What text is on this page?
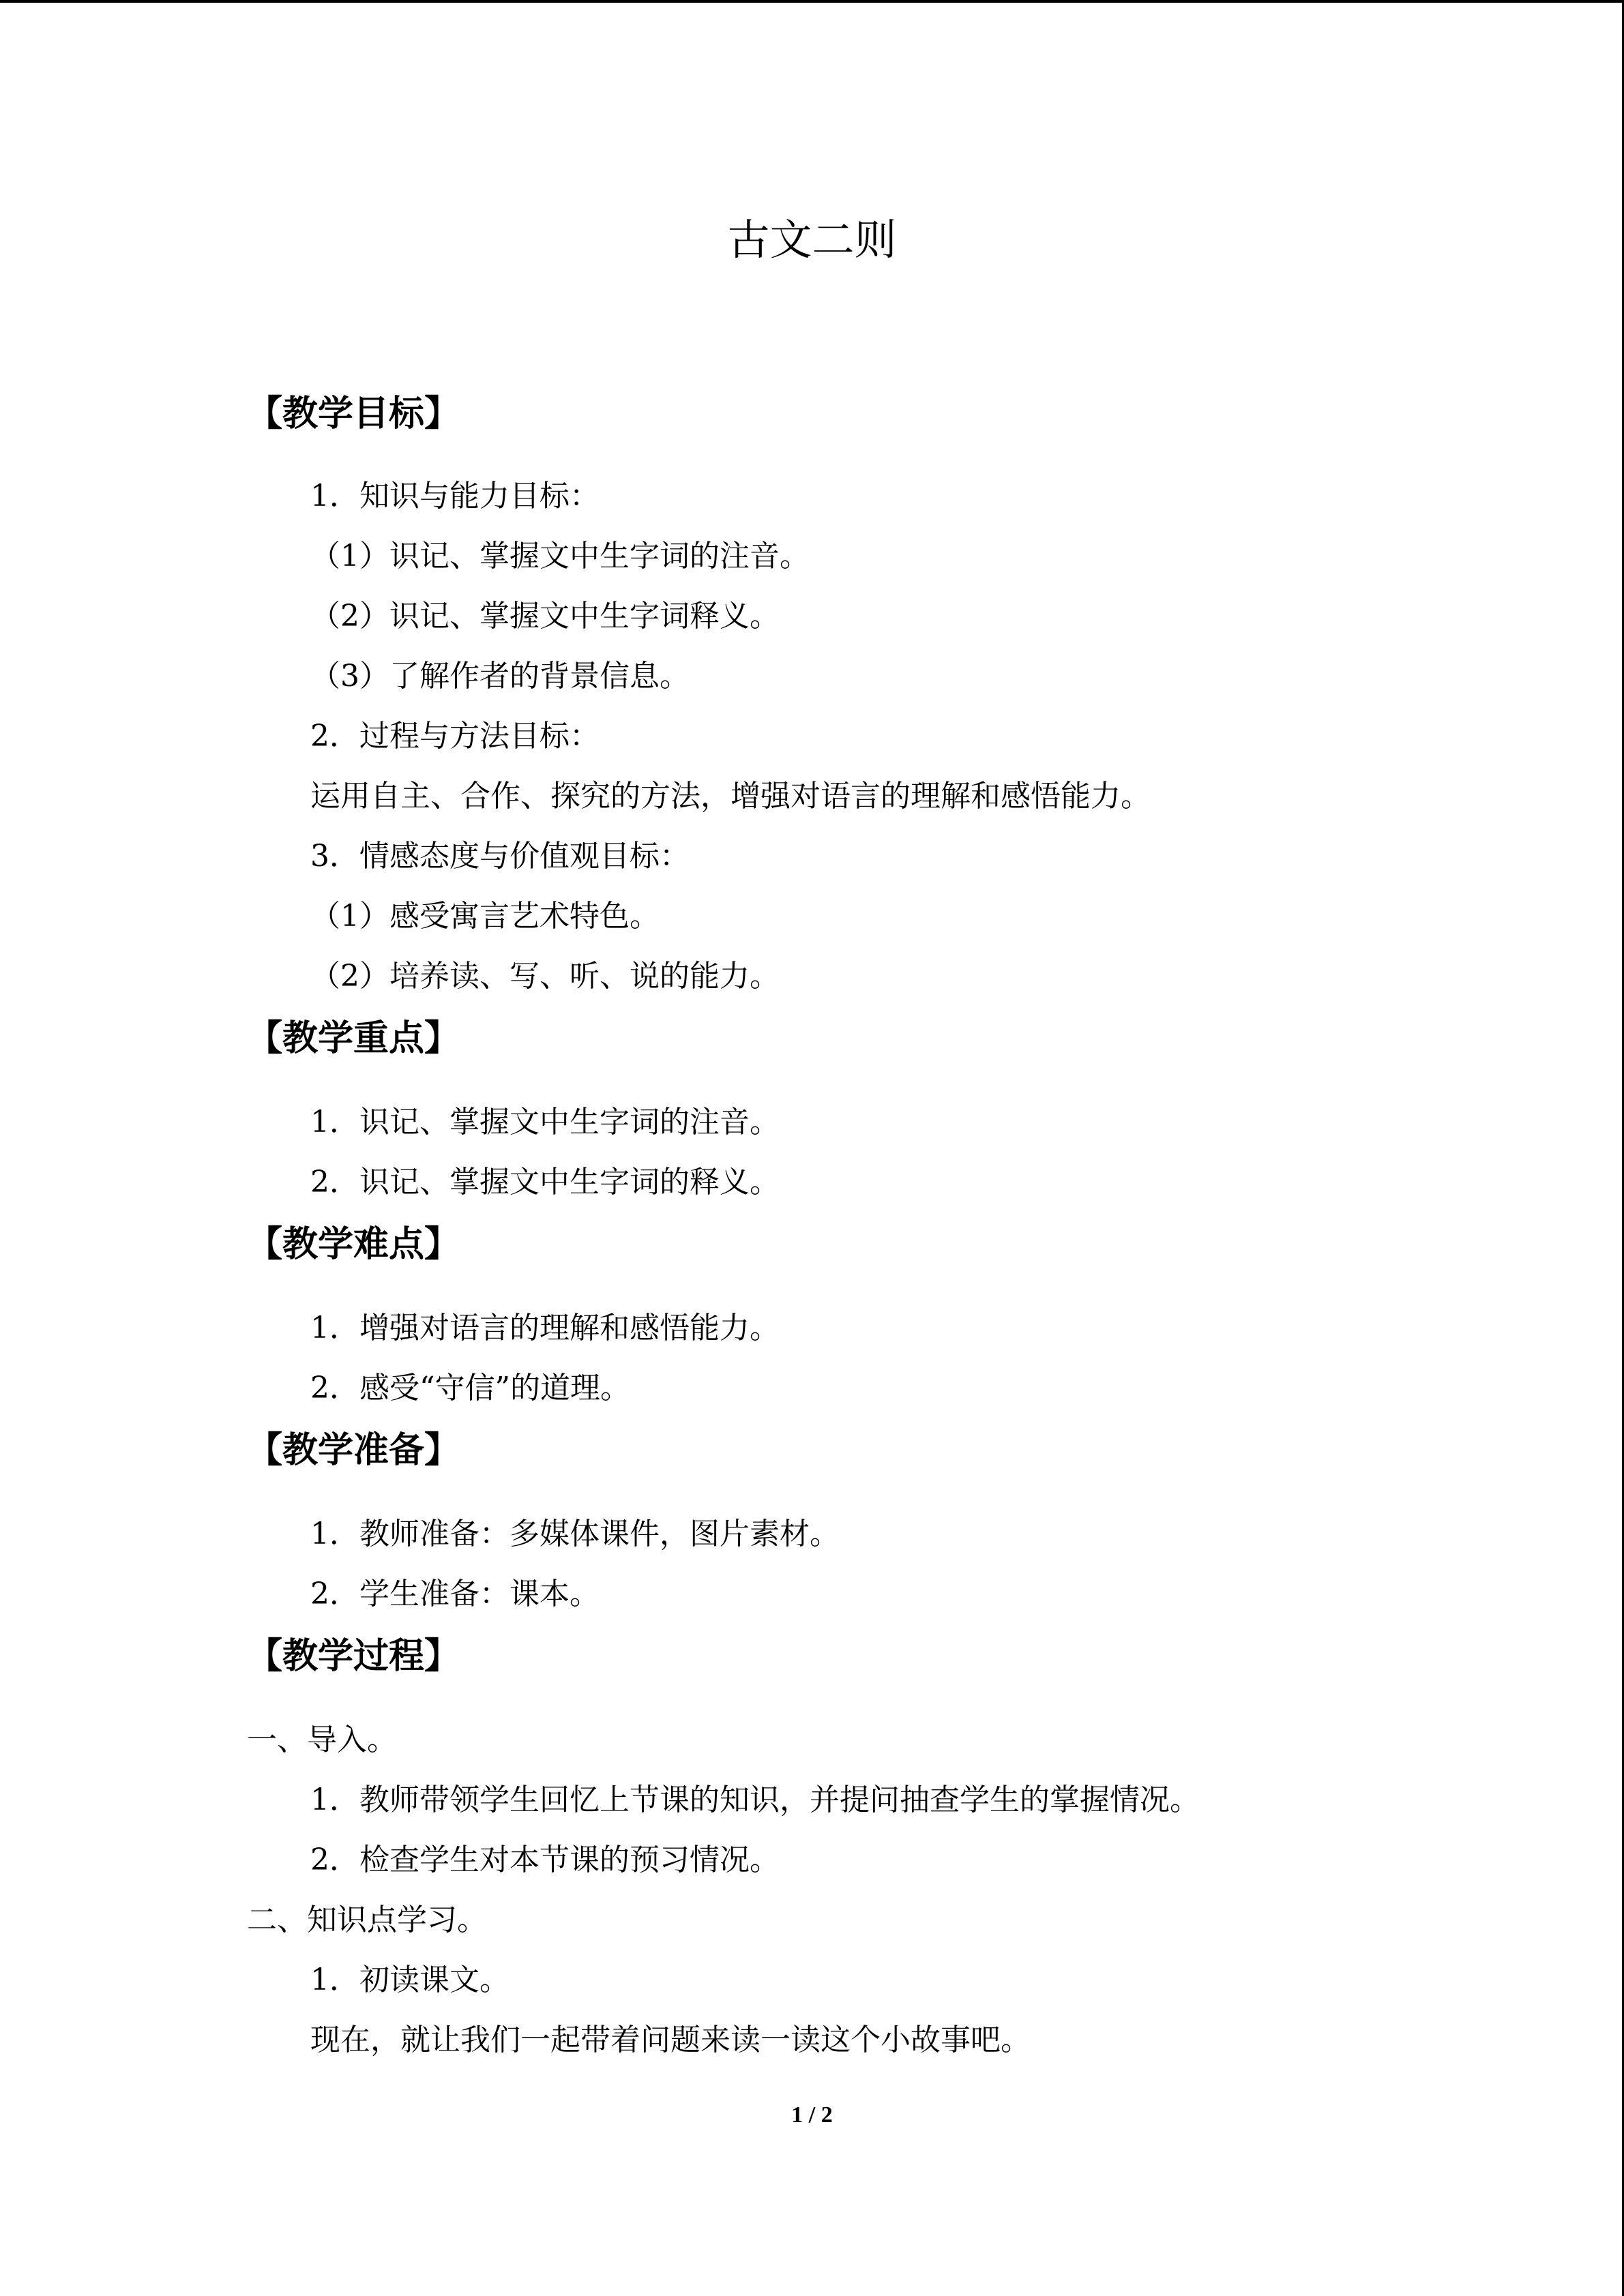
古文二则
【教学目标】
1．知识与能力目标：
（1）识记、掌握文中生字词的注音。
（2）识记、掌握文中生字词释义。
（3）了解作者的背景信息。
2．过程与方法目标：
运用自主、合作、探究的方法，增强对语言的理解和感悟能力。
3．情感态度与价值观目标：
（1）感受寓言艺术特色。
（2）培养读、写、听、说的能力。
【教学重点】
1．识记、掌握文中生字词的注音。
2．识记、掌握文中生字词的释义。
【教学难点】
1．增强对语言的理解和感悟能力。
2．感受“守信”的道理。
【教学准备】
1．教师准备：多媒体课件，图片素材。
2．学生准备：课本。
【教学过程】
一、导入。
1．教师带领学生回忆上节课的知识，并提问抽查学生的掌握情况。
2．检查学生对本节课的预习情况。
二、知识点学习。
1．初读课文。
现在，就让我们一起带着问题来读一读这个小故事吧。
1 / 2
